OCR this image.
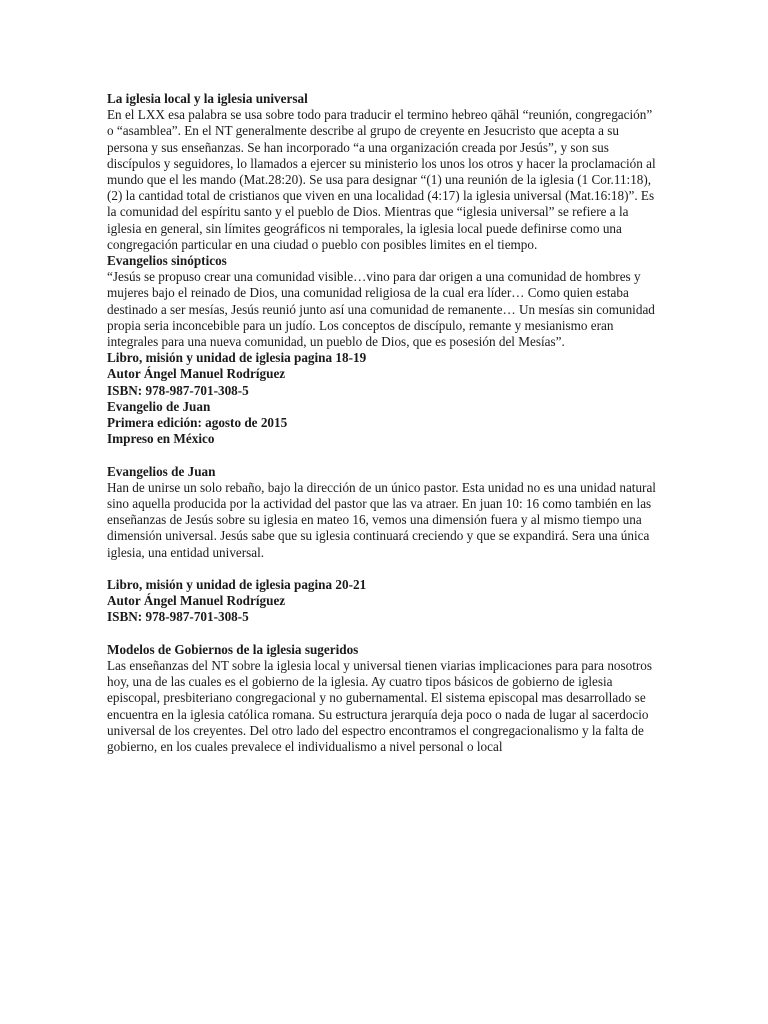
La iglesia local y la iglesia universal

En el LXX esa palabra se usa sobre todo para traducir el termino hebreo qāhāl “reunión, congregación” o “asamblea”. En el NT generalmente describe al grupo de creyente en Jesucristo que acepta a su persona y sus enseñanzas. Se han incorporado “a una organización creada por Jesús”, y son sus discípulos y seguidores, lo llamados a ejercer su ministerio los unos los otros y hacer la proclamación al mundo que el les mando (Mat.28:20). Se usa para designar “(1) una reunión de la iglesia (1 Cor.11:18), (2) la cantidad total de cristianos que viven en una localidad (4:17) la iglesia universal (Mat.16:18)”. Es la comunidad del espíritu santo y el pueblo de Dios. Mientras que “iglesia universal” se refiere a la iglesia en general, sin límites geográficos ni temporales, la iglesia local puede definirse como una congregación particular en una ciudad o pueblo con posibles limites en el tiempo.

Evangelios sinópticos

“Jesús se propuso crear una comunidad visible…vino para dar origen a una comunidad de hombres y mujeres bajo el reinado de Dios, una comunidad religiosa de la cual era líder… Como quien estaba destinado a ser mesías, Jesús reunió junto así una comunidad de remanente… Un mesías sin comunidad propia seria inconcebible para un judío. Los conceptos de discípulo, remante y mesianismo eran integrales para una nueva comunidad, un pueblo de Dios, que es posesión del Mesías”.

Libro, misión y unidad de iglesia pagina 18-19
Autor Ángel Manuel Rodríguez
ISBN: 978-987-701-308-5
Evangelio de Juan
Primera edición: agosto de 2015
Impreso en México
Evangelios de Juan

Han de unirse un solo rebaño, bajo la dirección de un único pastor. Esta unidad no es una unidad natural sino aquella producida por la actividad del pastor que las va atraer. En juan 10: 16 como también en las enseñanzas de Jesús sobre su iglesia en mateo 16, vemos una dimensión fuera y al mismo tiempo una dimensión universal. Jesús sabe que su iglesia continuará creciendo y que se expandirá. Sera una única iglesia, una entidad universal.

Libro, misión y unidad de iglesia pagina 20-21
Autor Ángel Manuel Rodríguez
ISBN: 978-987-701-308-5
Modelos de Gobiernos de la iglesia sugeridos

Las enseñanzas del NT sobre la iglesia local y universal tienen viarias implicaciones para para nosotros hoy, una de las cuales es el gobierno de la iglesia. Ay cuatro tipos básicos de gobierno de iglesia episcopal, presbiteriano congregacional y no gubernamental. El sistema episcopal mas desarrollado se encuentra en la iglesia católica romana. Su estructura jerarquía deja poco o nada de lugar al sacerdocio universal de los creyentes. Del otro lado del espectro encontramos el congregacionalismo y la falta de gobierno, en los cuales prevalece el individualismo a nivel personal o local
